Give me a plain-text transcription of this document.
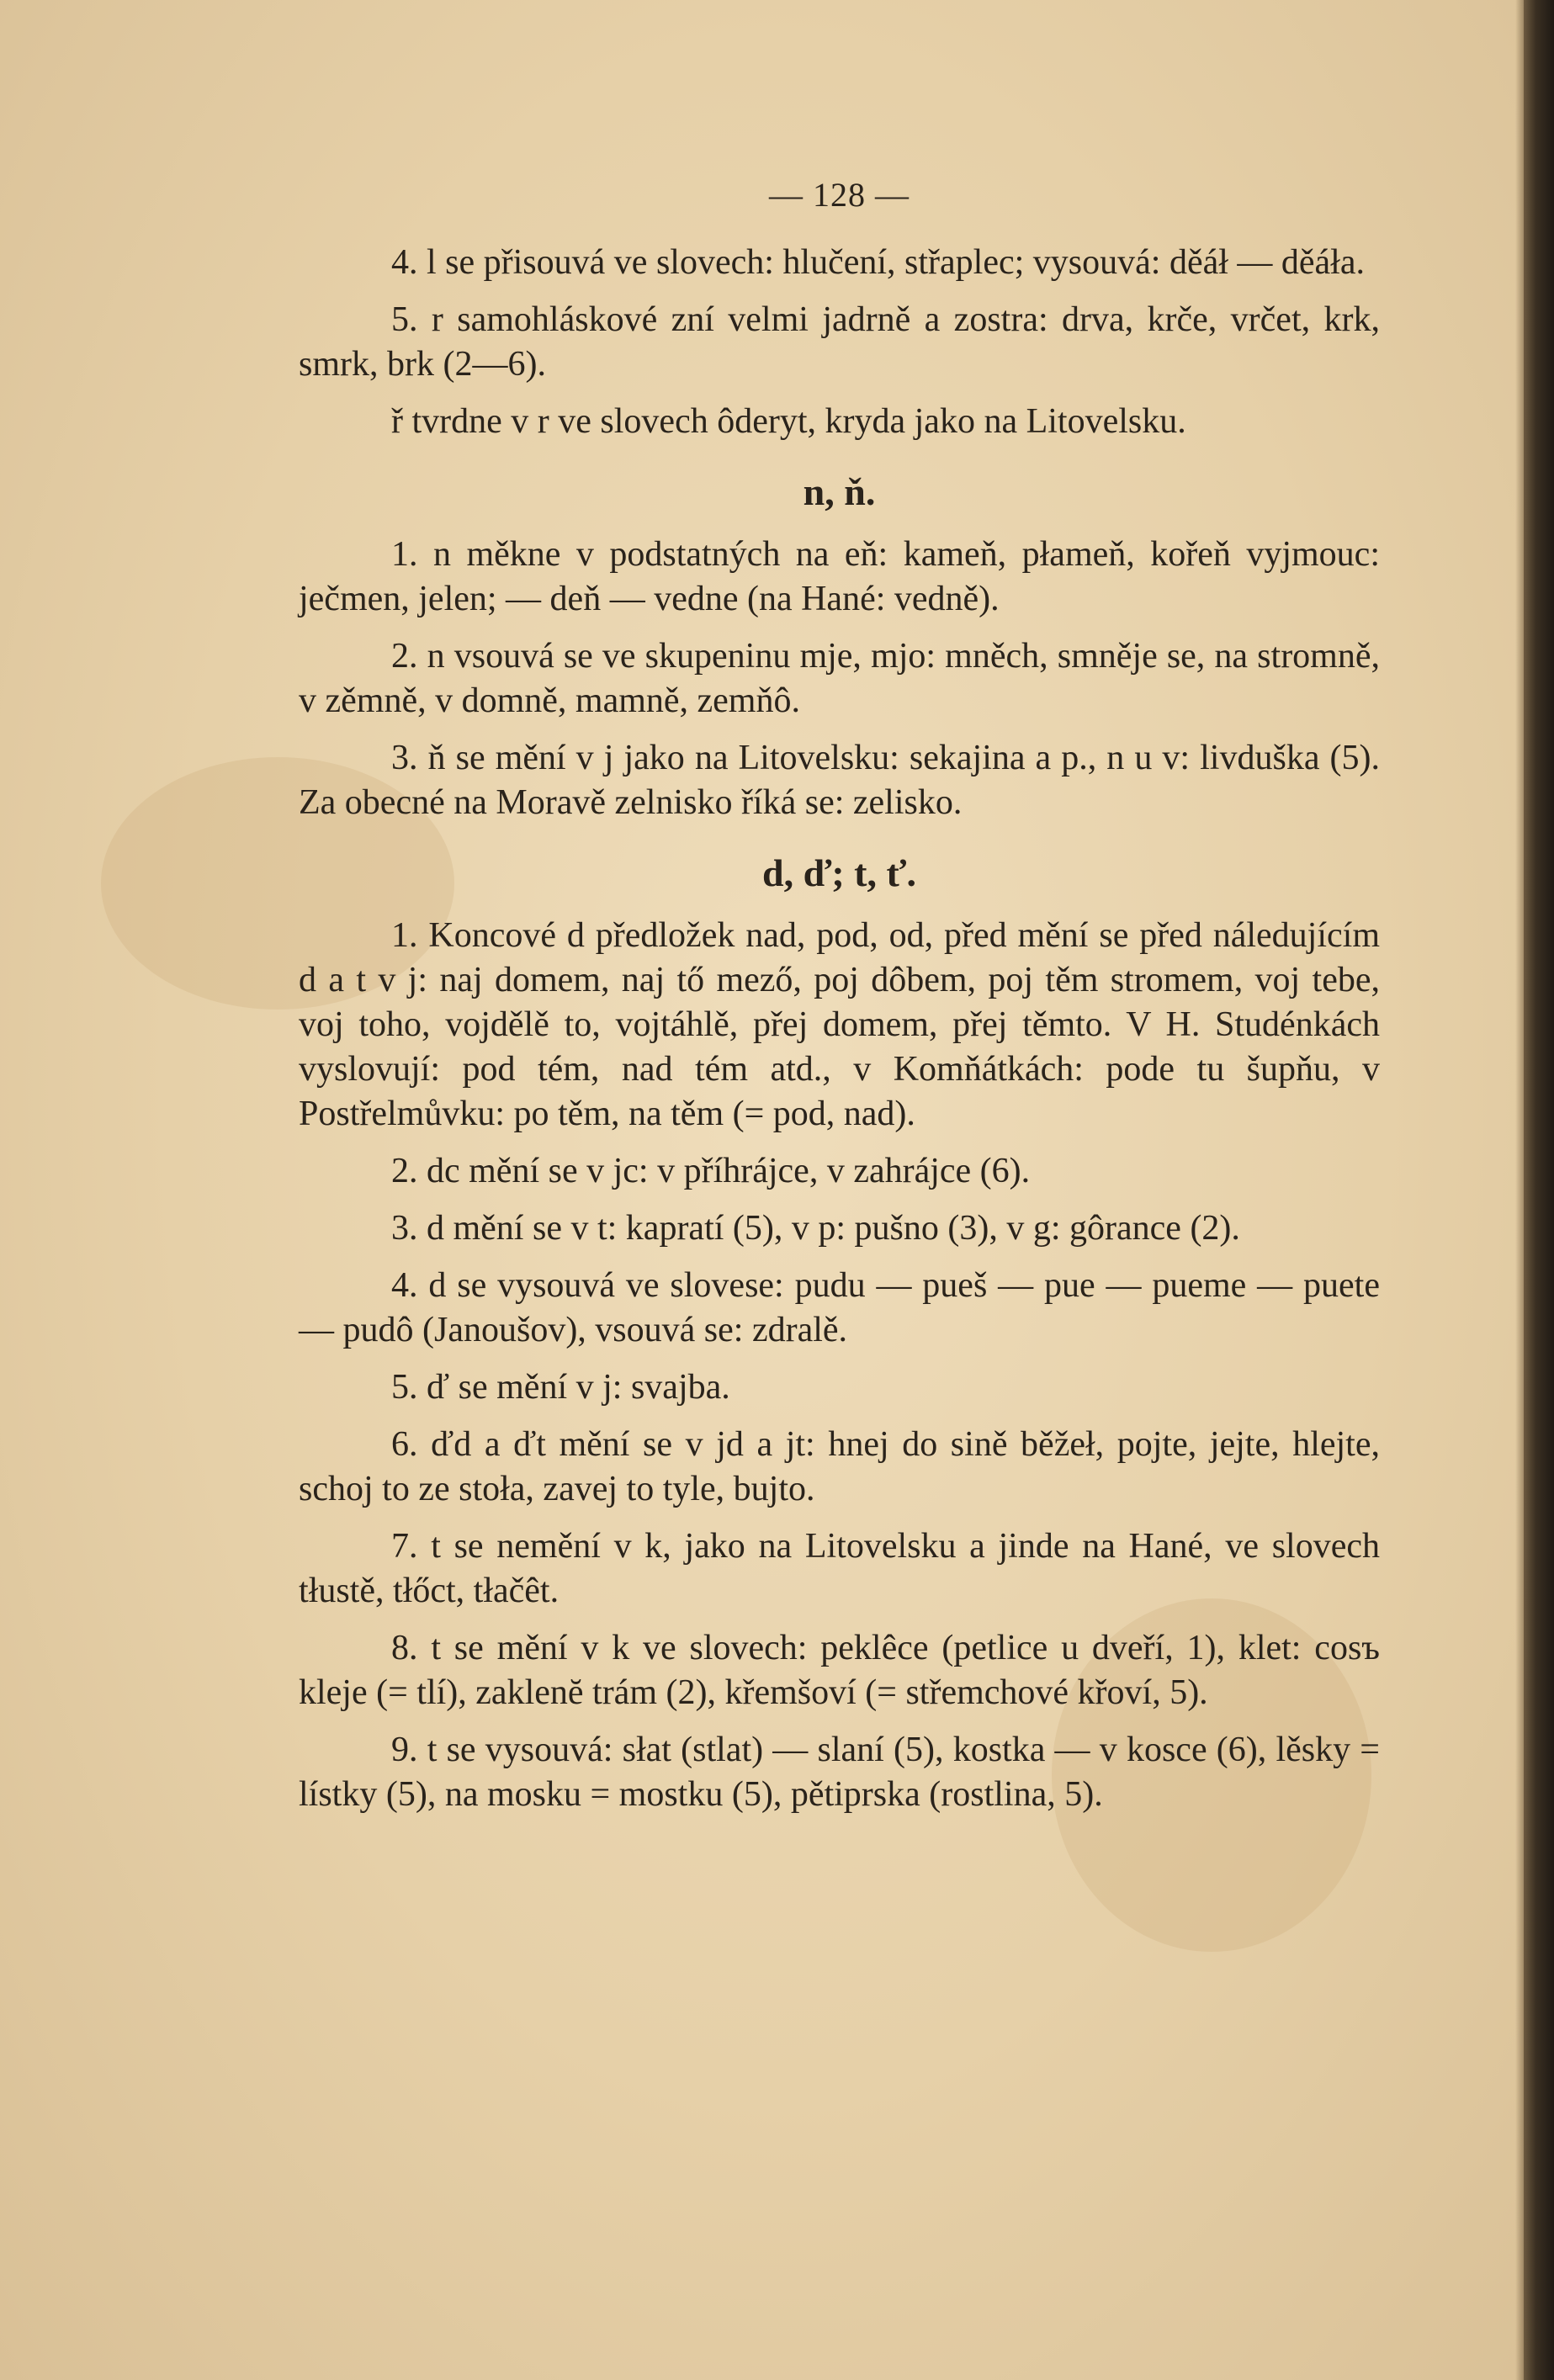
— 128 —

4. l se přisouvá ve slovech: hlučení, střaplec; vysouvá: děáł — děáła.

5. r samohláskové zní velmi jadrně a zostra: drva, krče, vrčet, krk, smrk, brk (2—6).

ř tvrdne v r ve slovech ôderyt, kryda jako na Litovelsku.

n, ň.

1. n měkne v podstatných na eň: kameň, płameň, kořeň vyjmouc: ječmen, jelen; — deň — vedne (na Hané: vedně).

2. n vsouvá se ve skupeninu mje, mjo: mněch, smněje se, na stromně, v zěmně, v domně, mamně, zemňô.

3. ň se mění v j jako na Litovelsku: sekajina a p., n u v: livduška (5). Za obecné na Moravě zelnisko říká se: zelisko.

d, ď; t, ť.

1. Koncové d předložek nad, pod, od, před mění se před náledujícím d a t v j: naj domem, naj tő mező, poj dôbem, poj těm stromem, voj tebe, voj toho, vojdělě to, vojtáhlě, přej domem, přej těmto. V H. Studénkách vyslovují: pod tém, nad tém atd., v Komňátkách: pode tu šupňu, v Postřelmůvku: po těm, na těm (= pod, nad).

2. dc mění se v jc: v příhrájce, v zahrájce (6).

3. d mění se v t: kapratí (5), v p: pušno (3), v g: gôrance (2).

4. d se vysouvá ve slovese: pudu — pueš — pue — pueme — puete — pudô (Janoušov), vsouvá se: zdralě.

5. ď se mění v j: svajba.

6. ďd a ďt mění se v jd a jt: hnej do sině běžeł, pojte, jejte, hlejte, schoj to ze stoła, zavej to tyle, bujto.

7. t se nemění v k, jako na Litovelsku a jinde na Hané, ve slovech tłustě, tłőct, tłačêt.

8. t se mění v k ve slovech: peklêce (petlice u dveří, 1), klet: cosъ kleje (= tlí), zaklenĕ trám (2), křemšoví (= střemchové křoví, 5).

9. t se vysouvá: słat (stlat) — slaní (5), kostka — v kosce (6), lěsky = lístky (5), na mosku = mostku (5), pětiprska (rostlina, 5).
